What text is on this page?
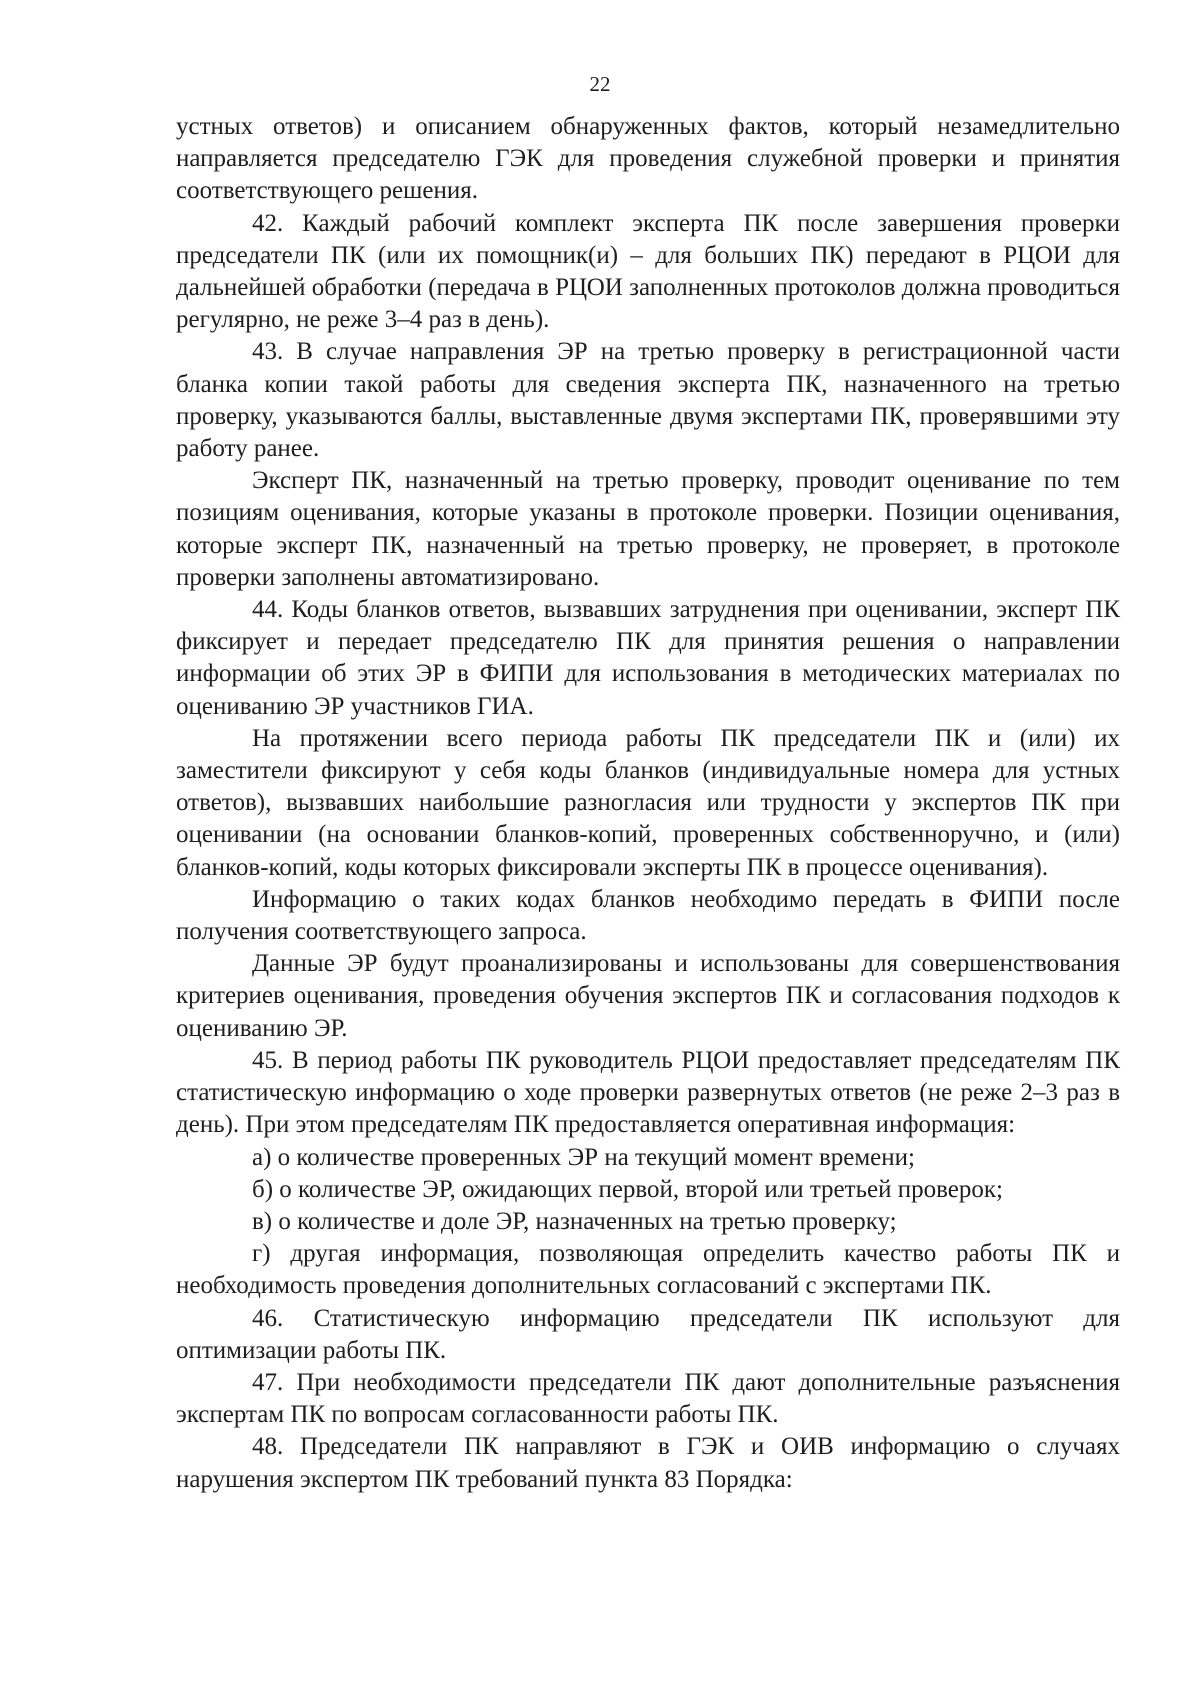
22

устных ответов) и описанием обнаруженных фактов, который незамедлительно направляется председателю ГЭК для проведения служебной проверки и принятия соответствующего решения.

42. Каждый рабочий комплект эксперта ПК после завершения проверки председатели ПК (или их помощник(и) – для больших ПК) передают в РЦОИ для дальнейшей обработки (передача в РЦОИ заполненных протоколов должна проводиться регулярно, не реже 3–4 раз в день).

43. В случае направления ЭР на третью проверку в регистрационной части бланка копии такой работы для сведения эксперта ПК, назначенного на третью проверку, указываются баллы, выставленные двумя экспертами ПК, проверявшими эту работу ранее.

Эксперт ПК, назначенный на третью проверку, проводит оценивание по тем позициям оценивания, которые указаны в протоколе проверки. Позиции оценивания, которые эксперт ПК, назначенный на третью проверку, не проверяет, в протоколе проверки заполнены автоматизировано.

44. Коды бланков ответов, вызвавших затруднения при оценивании, эксперт ПК фиксирует и передает председателю ПК для принятия решения о направлении информации об этих ЭР в ФИПИ для использования в методических материалах по оцениванию ЭР участников ГИА.

На протяжении всего периода работы ПК председатели ПК и (или) их заместители фиксируют у себя коды бланков (индивидуальные номера для устных ответов), вызвавших наибольшие разногласия или трудности у экспертов ПК при оценивании (на основании бланков-копий, проверенных собственноручно, и (или) бланков-копий, коды которых фиксировали эксперты ПК в процессе оценивания).

Информацию о таких кодах бланков необходимо передать в ФИПИ после получения соответствующего запроса.

Данные ЭР будут проанализированы и использованы для совершенствования критериев оценивания, проведения обучения экспертов ПК и согласования подходов к оцениванию ЭР.

45. В период работы ПК руководитель РЦОИ предоставляет председателям ПК статистическую информацию о ходе проверки развернутых ответов (не реже 2–3 раз в день). При этом председателям ПК предоставляется оперативная информация:

а) о количестве проверенных ЭР на текущий момент времени;

б) о количестве ЭР, ожидающих первой, второй или третьей проверок;

в) о количестве и доле ЭР, назначенных на третью проверку;

г) другая информация, позволяющая определить качество работы ПК и необходимость проведения дополнительных согласований с экспертами ПК.

46. Статистическую информацию председатели ПК используют для оптимизации работы ПК.

47. При необходимости председатели ПК дают дополнительные разъяснения экспертам ПК по вопросам согласованности работы ПК.

48. Председатели ПК направляют в ГЭК и ОИВ информацию о случаях нарушения экспертом ПК требований пункта 83 Порядка:
